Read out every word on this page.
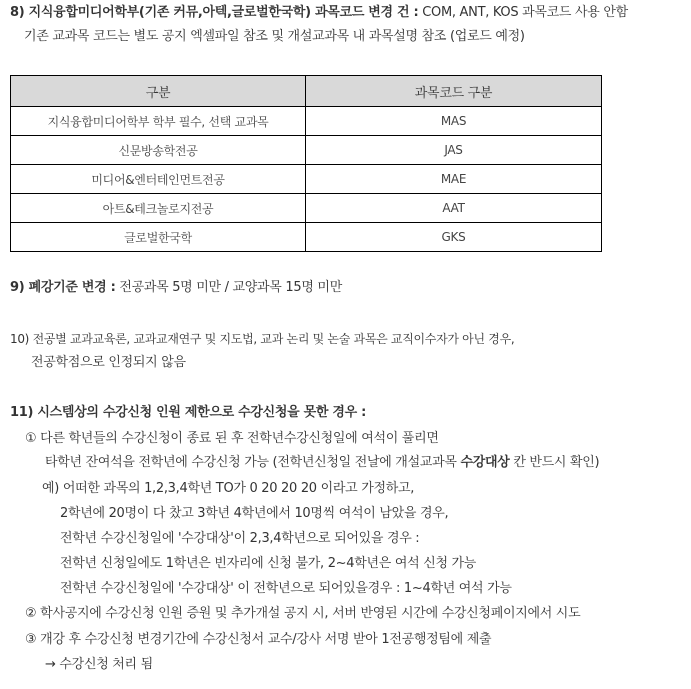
8) 지식융합미디어학부(기존 커뮤,아텍,글로벌한국학) 과목코드 변경 건 : COM, ANT, KOS 과목코드 사용 안함
기존 교과목 코드는 별도 공지 엑셀파일 참조 및 개설교과목 내 과목설명 참조 (업로드 예정)
구분	과목코드 구분
지식융합미디어학부 학부 필수, 선택 교과목	MAS
신문방송학전공	JAS
미디어&엔터테인먼트전공	MAE
아트&테크놀로지전공	AAT
글로벌한국학	GKS
9) 폐강기준 변경 : 전공과목 5명 미만 / 교양과목 15명 미만
10) 전공별 교과교육론, 교과교재연구 및 지도법, 교과 논리 및 논술 과목은 교직이수자가 아닌 경우,
전공학점으로 인정되지 않음
11) 시스템상의 수강신청 인원 제한으로 수강신청을 못한 경우 :
① 다른 학년들의 수강신청이 종료 된 후 전학년수강신청일에 여석이 풀리면
타학년 잔여석을 전학년에 수강신청 가능 (전학년신청일 전날에 개설교과목 수강대상 칸 반드시 확인)
예) 어떠한 과목의 1,2,3,4학년 TO가 0 20 20 20 이라고 가정하고,
2학년에 20명이 다 찼고 3학년 4학년에서 10명씩 여석이 남았을 경우,
전학년 수강신청일에 '수강대상'이 2,3,4학년으로 되어있을 경우 :
전학년 신청일에도 1학년은 빈자리에 신청 불가, 2~4학년은 여석 신청 가능
전학년 수강신청일에 '수강대상' 이 전학년으로 되어있을경우 : 1~4학년 여석 가능
② 학사공지에 수강신청 인원 증원 및 추가개설 공지 시, 서버 반영된 시간에 수강신청페이지에서 시도
③ 개강 후 수강신청 변경기간에 수강신청서 교수/강사 서명 받아 1전공행정팀에 제출
→ 수강신청 처리 됨
